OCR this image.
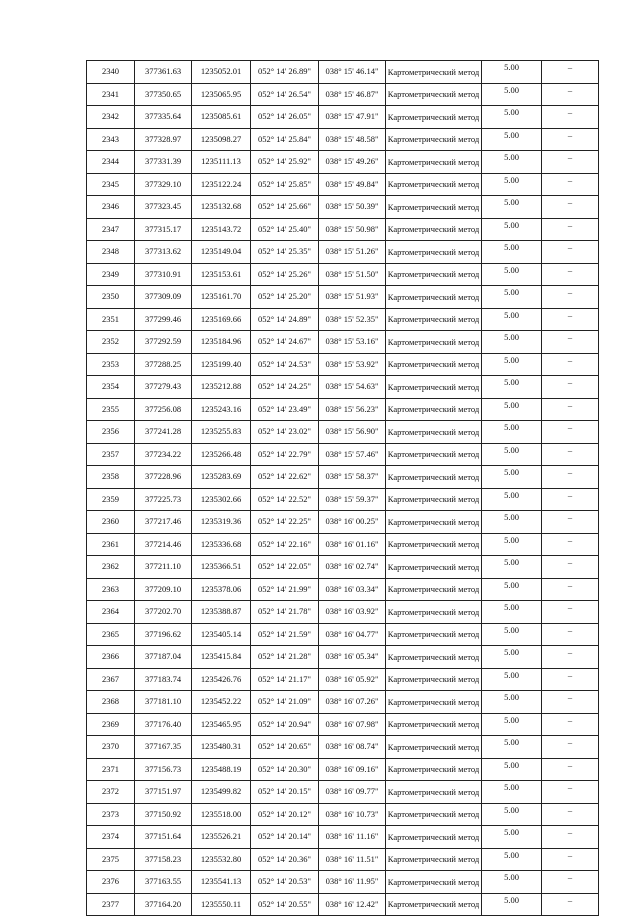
2340	377361.63	1235052.01	052° 14' 26.89"	038° 15' 46.14"	Картометрический метод	5.00	–
2341	377350.65	1235065.95	052° 14' 26.54"	038° 15' 46.87"	Картометрический метод	5.00	–
2342	377335.64	1235085.61	052° 14' 26.05"	038° 15' 47.91"	Картометрический метод	5.00	–
2343	377328.97	1235098.27	052° 14' 25.84"	038° 15' 48.58"	Картометрический метод	5.00	–
2344	377331.39	1235111.13	052° 14' 25.92"	038° 15' 49.26"	Картометрический метод	5.00	–
2345	377329.10	1235122.24	052° 14' 25.85"	038° 15' 49.84"	Картометрический метод	5.00	–
2346	377323.45	1235132.68	052° 14' 25.66"	038° 15' 50.39"	Картометрический метод	5.00	–
2347	377315.17	1235143.72	052° 14' 25.40"	038° 15' 50.98"	Картометрический метод	5.00	–
2348	377313.62	1235149.04	052° 14' 25.35"	038° 15' 51.26"	Картометрический метод	5.00	–
2349	377310.91	1235153.61	052° 14' 25.26"	038° 15' 51.50"	Картометрический метод	5.00	–
2350	377309.09	1235161.70	052° 14' 25.20"	038° 15' 51.93"	Картометрический метод	5.00	–
2351	377299.46	1235169.66	052° 14' 24.89"	038° 15' 52.35"	Картометрический метод	5.00	–
2352	377292.59	1235184.96	052° 14' 24.67"	038° 15' 53.16"	Картометрический метод	5.00	–
2353	377288.25	1235199.40	052° 14' 24.53"	038° 15' 53.92"	Картометрический метод	5.00	–
2354	377279.43	1235212.88	052° 14' 24.25"	038° 15' 54.63"	Картометрический метод	5.00	–
2355	377256.08	1235243.16	052° 14' 23.49"	038° 15' 56.23"	Картометрический метод	5.00	–
2356	377241.28	1235255.83	052° 14' 23.02"	038° 15' 56.90"	Картометрический метод	5.00	–
2357	377234.22	1235266.48	052° 14' 22.79"	038° 15' 57.46"	Картометрический метод	5.00	–
2358	377228.96	1235283.69	052° 14' 22.62"	038° 15' 58.37"	Картометрический метод	5.00	–
2359	377225.73	1235302.66	052° 14' 22.52"	038° 15' 59.37"	Картометрический метод	5.00	–
2360	377217.46	1235319.36	052° 14' 22.25"	038° 16' 00.25"	Картометрический метод	5.00	–
2361	377214.46	1235336.68	052° 14' 22.16"	038° 16' 01.16"	Картометрический метод	5.00	–
2362	377211.10	1235366.51	052° 14' 22.05"	038° 16' 02.74"	Картометрический метод	5.00	–
2363	377209.10	1235378.06	052° 14' 21.99"	038° 16' 03.34"	Картометрический метод	5.00	–
2364	377202.70	1235388.87	052° 14' 21.78"	038° 16' 03.92"	Картометрический метод	5.00	–
2365	377196.62	1235405.14	052° 14' 21.59"	038° 16' 04.77"	Картометрический метод	5.00	–
2366	377187.04	1235415.84	052° 14' 21.28"	038° 16' 05.34"	Картометрический метод	5.00	–
2367	377183.74	1235426.76	052° 14' 21.17"	038° 16' 05.92"	Картометрический метод	5.00	–
2368	377181.10	1235452.22	052° 14' 21.09"	038° 16' 07.26"	Картометрический метод	5.00	–
2369	377176.40	1235465.95	052° 14' 20.94"	038° 16' 07.98"	Картометрический метод	5.00	–
2370	377167.35	1235480.31	052° 14' 20.65"	038° 16' 08.74"	Картометрический метод	5.00	–
2371	377156.73	1235488.19	052° 14' 20.30"	038° 16' 09.16"	Картометрический метод	5.00	–
2372	377151.97	1235499.82	052° 14' 20.15"	038° 16' 09.77"	Картометрический метод	5.00	–
2373	377150.92	1235518.00	052° 14' 20.12"	038° 16' 10.73"	Картометрический метод	5.00	–
2374	377151.64	1235526.21	052° 14' 20.14"	038° 16' 11.16"	Картометрический метод	5.00	–
2375	377158.23	1235532.80	052° 14' 20.36"	038° 16' 11.51"	Картометрический метод	5.00	–
2376	377163.55	1235541.13	052° 14' 20.53"	038° 16' 11.95"	Картометрический метод	5.00	–
2377	377164.20	1235550.11	052° 14' 20.55"	038° 16' 12.42"	Картометрический метод	5.00	–
